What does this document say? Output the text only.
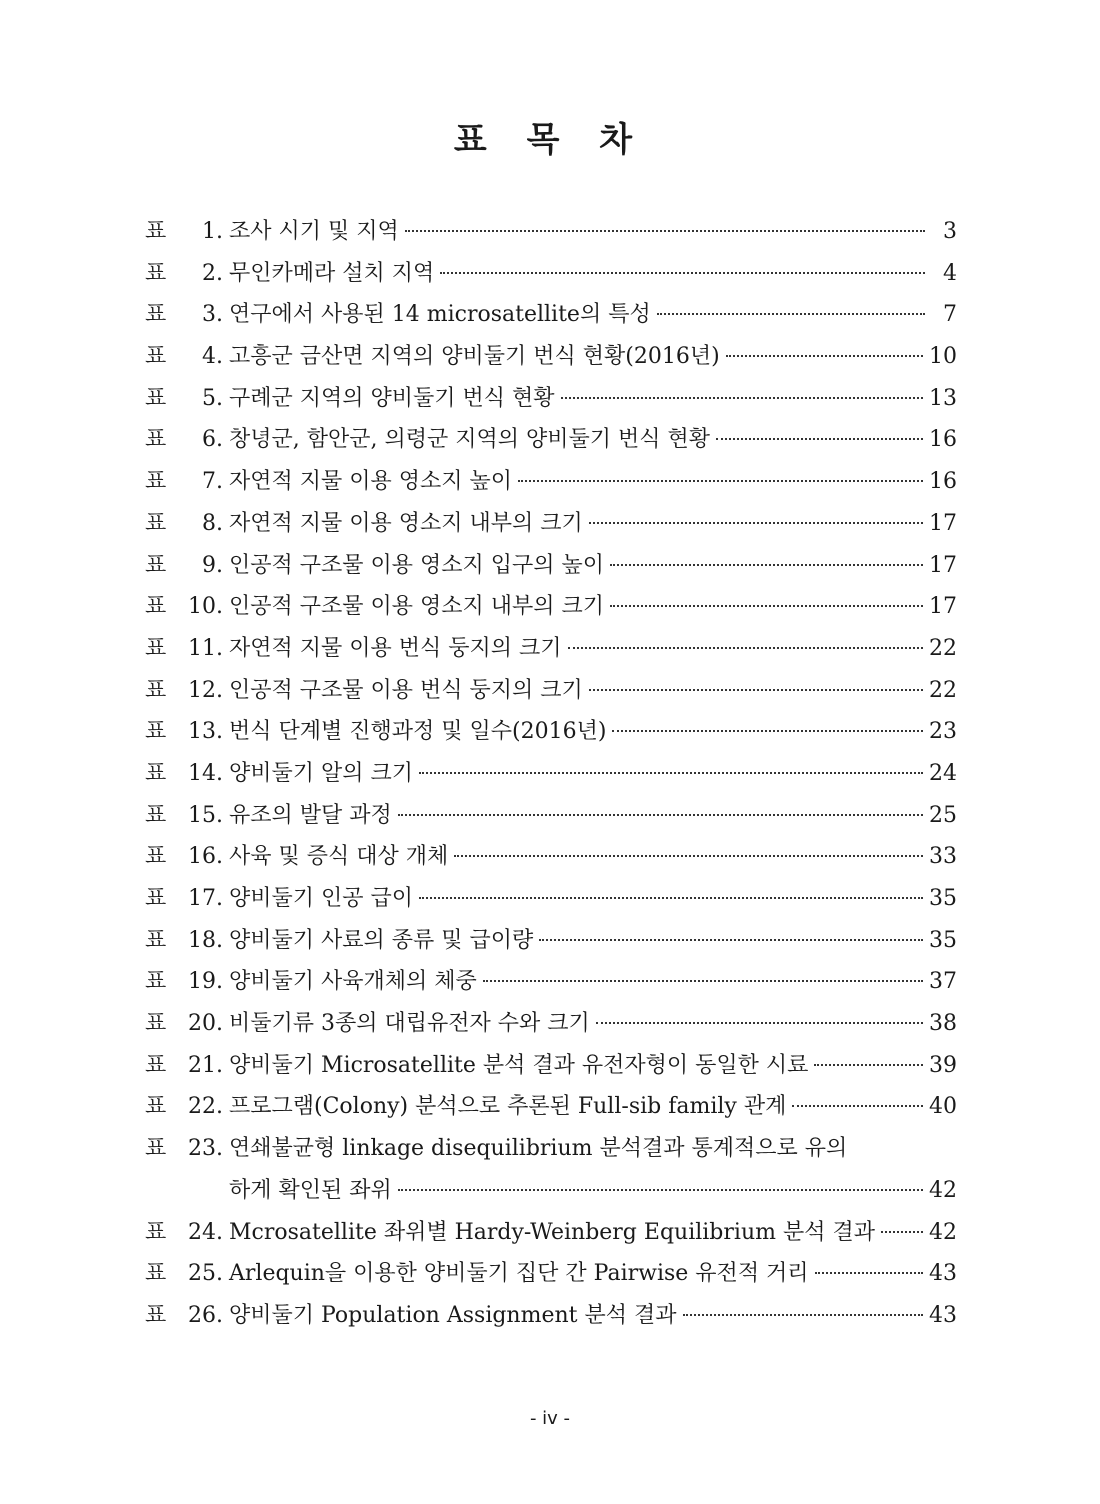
표 목 차
표	1. 조사 시기 및 지역	3
표	2. 무인카메라 설치 지역	4
표	3. 연구에서 사용된 14 microsatellite의 특성	7
표	4. 고흥군 금산면 지역의 양비둘기 번식 현황(2016년)	10
표	5. 구례군 지역의 양비둘기 번식 현황	13
표	6. 창녕군, 함안군, 의령군 지역의 양비둘기 번식 현황	16
표	7. 자연적 지물 이용 영소지 높이	16
표	8. 자연적 지물 이용 영소지 내부의 크기	17
표	9. 인공적 구조물 이용 영소지 입구의 높이	17
표 10. 인공적 구조물 이용 영소지 내부의 크기	17
표 11. 자연적 지물 이용 번식 둥지의 크기	22
표 12. 인공적 구조물 이용 번식 둥지의 크기	22
표 13. 번식 단계별 진행과정 및 일수(2016년)	23
표 14. 양비둘기 알의 크기	24
표 15. 유조의 발달 과정	25
표 16. 사육 및 증식 대상 개체	33
표 17. 양비둘기 인공 급이	35
표 18. 양비둘기 사료의 종류 및 급이량	35
표 19. 양비둘기 사육개체의 체중	37
표 20. 비둘기류 3종의 대립유전자 수와 크기	38
표 21. 양비둘기 Microsatellite 분석 결과 유전자형이 동일한 시료	39
표 22. 프로그램(Colony) 분석으로 추론된 Full-sib family 관계	40
표 23. 연쇄불균형 linkage disequilibrium 분석결과 통계적으로 유의
하게 확인된 좌위	42
표 24. Mcrosatellite 좌위별 Hardy-Weinberg Equilibrium 분석 결과 42
표 25. Arlequin을 이용한 양비둘기 집단 간 Pairwise 유전적 거리	43
표 26. 양비둘기 Population Assignment 분석 결과	43
- iv -
